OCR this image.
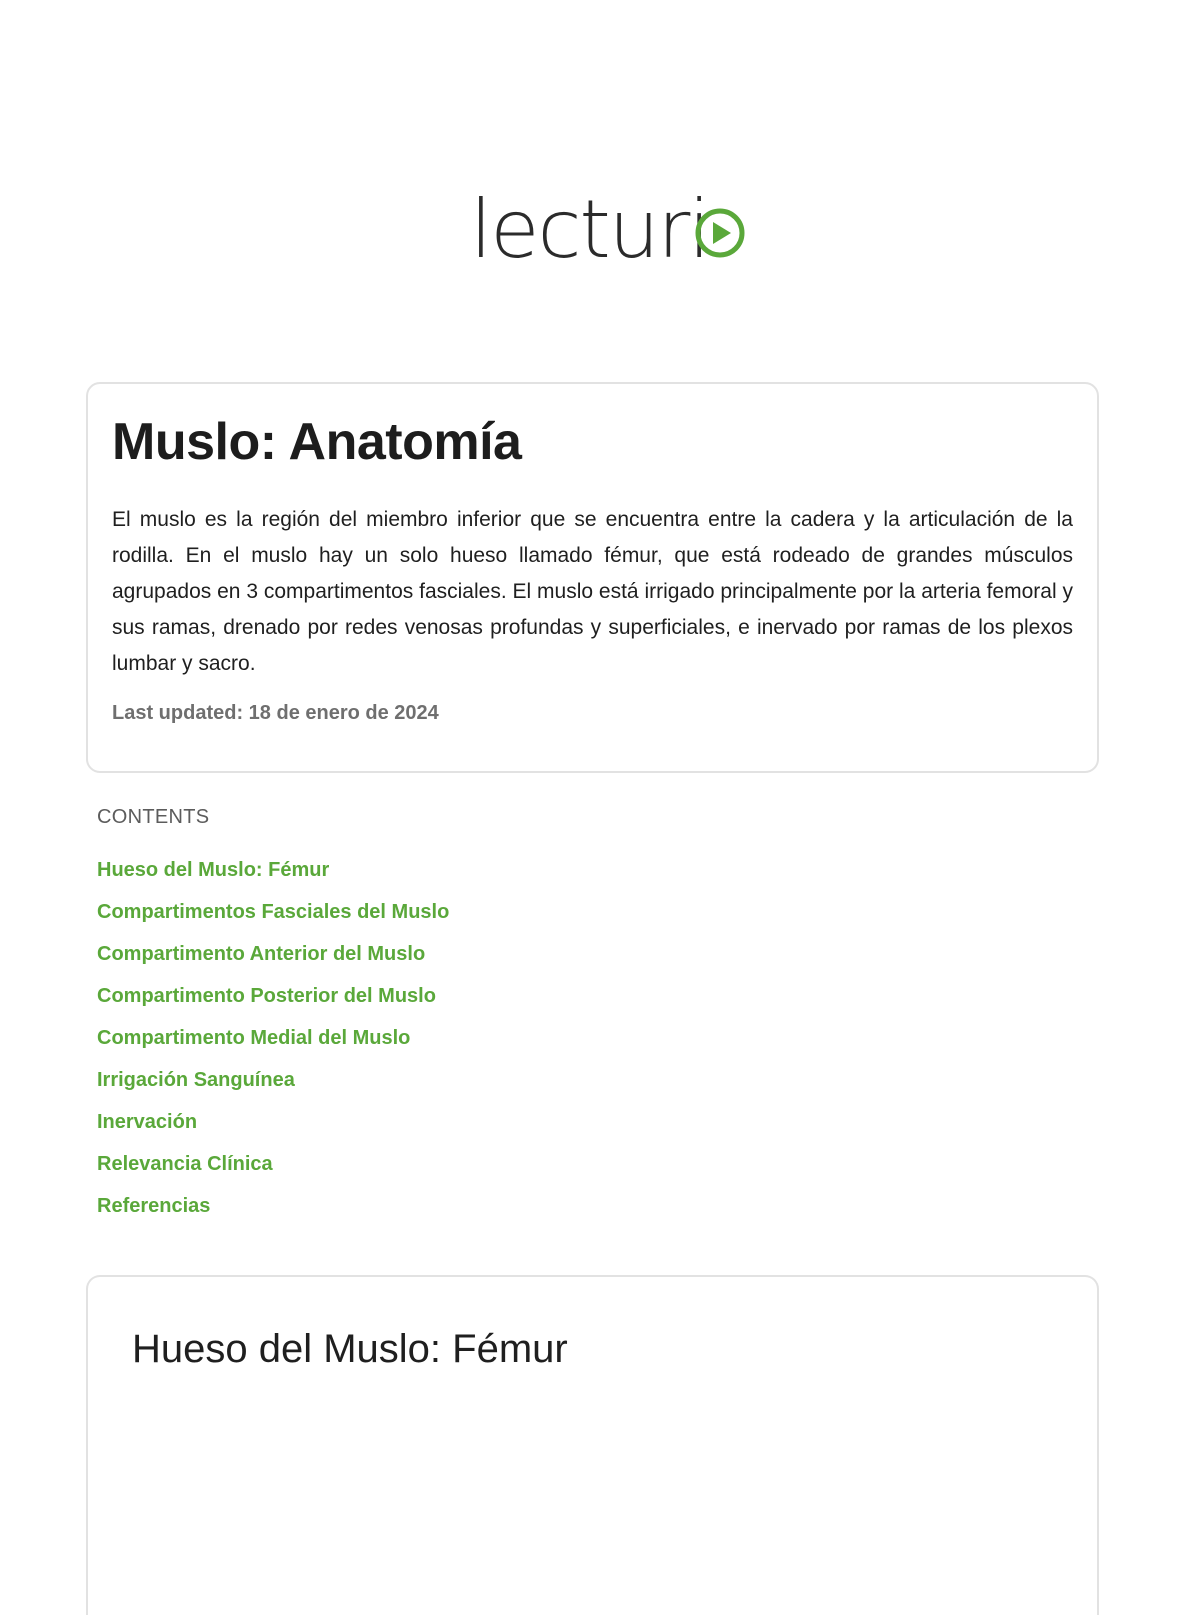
lecturi
Muslo: Anatomía

El muslo es la región del miembro inferior que se encuentra entre la cadera y la articulación de la rodilla. En el muslo hay un solo hueso llamado fémur, que está rodeado de grandes músculos agrupados en 3 compartimentos fasciales. El muslo está irrigado principalmente por la arteria femoral y sus ramas, drenado por redes venosas profundas y superficiales, e inervado por ramas de los plexos lumbar y sacro.

Last updated: 18 de enero de 2024
CONTENTS
Hueso del Muslo: Fémur
Compartimentos Fasciales del Muslo
Compartimento Anterior del Muslo
Compartimento Posterior del Muslo
Compartimento Medial del Muslo
Irrigación Sanguínea
Inervación
Relevancia Clínica
Referencias
Hueso del Muslo: Fémur
